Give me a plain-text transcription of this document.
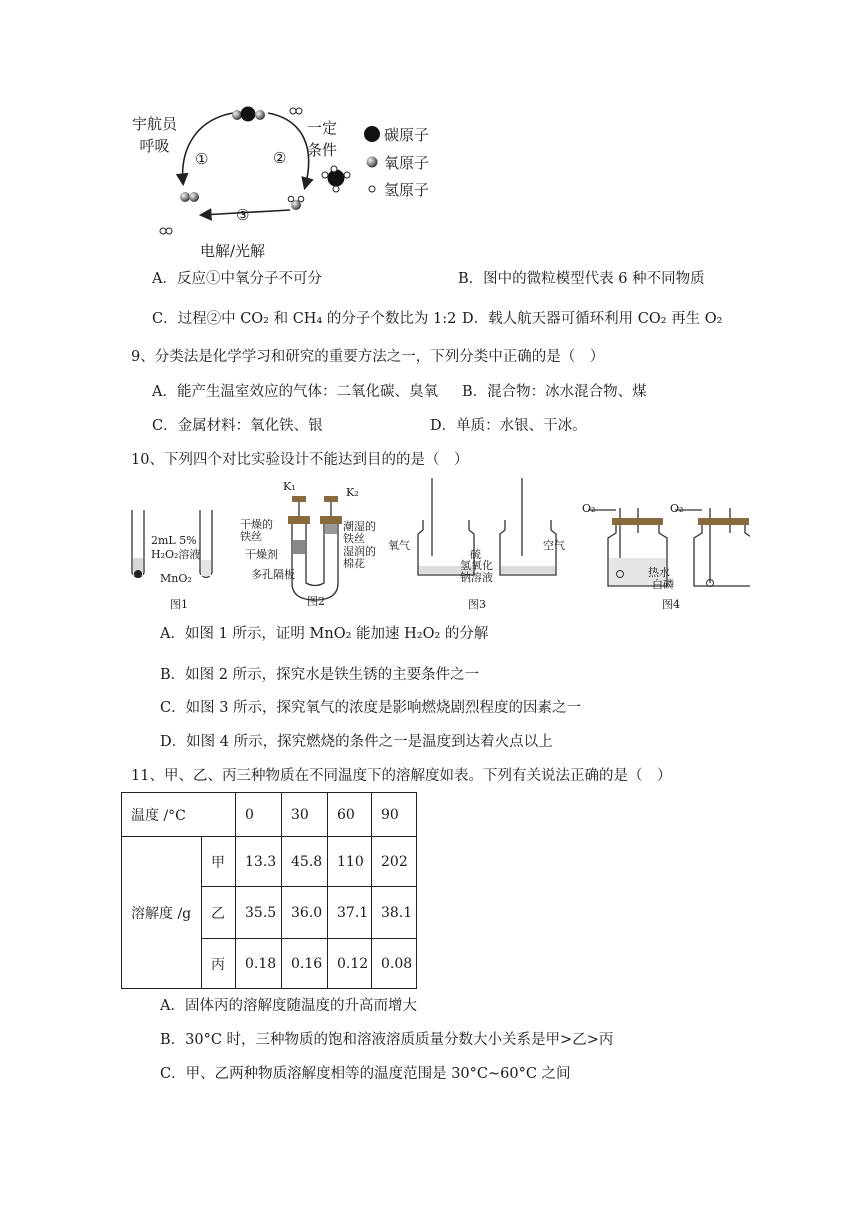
宇航员
呼吸
①	②
③
一定
条件
碳原子
氧原子
氢原子
电解/光解
A．反应①中氧分子不可分	B．图中的微粒模型代表 6 种不同物质
C．过程②中 CO₂ 和 CH₄ 的分子个数比为 1:2 D．载人航天器可循环利用 CO₂ 再生 O₂
9、分类法是化学学习和研究的重要方法之一，下列分类中正确的是（　）
A．能产生温室效应的气体：二氧化碳、臭氧 B．混合物：冰水混合物、煤
C．金属材料：氧化铁、银	D．单质：水银、干冰。
10、下列四个对比实验设计不能达到目的的是（　）
2mL 5%
H₂O₂溶液
MnO₂
K₁	K₂
干燥的
铁丝
干燥剂
多孔隔板
潮湿的
铁丝
湿润的
棉花
氧气
硫
空气
氢氧化
钠溶液
O₂	O₂
热水
白磷
图1	图2	图3	图4
A．如图 1 所示，证明 MnO₂ 能加速 H₂O₂ 的分解
B．如图 2 所示，探究水是铁生锈的主要条件之一
C．如图 3 所示，探究氧气的浓度是影响燃烧剧烈程度的因素之一
D．如图 4 所示，探究燃烧的条件之一是温度到达着火点以上
11、甲、乙、丙三种物质在不同温度下的溶解度如表。下列有关说法正确的是（　）
温度 /°C		0	30	60	90
溶解度 /g	甲	13.3	45.8	110	202
	乙	35.5	36.0	37.1	38.1
	丙	0.18	0.16	0.12	0.08
A．固体丙的溶解度随温度的升高而增大
B．30°C 时，三种物质的饱和溶液溶质质量分数大小关系是甲>乙>丙
C．甲、乙两种物质溶解度相等的温度范围是 30°C~60°C 之间
